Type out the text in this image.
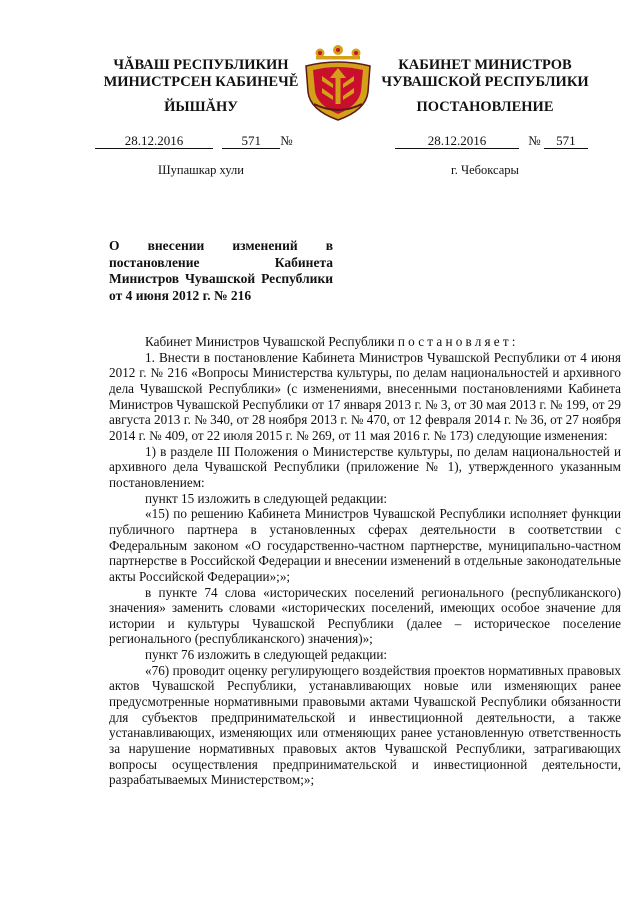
ЧĂВАШ РЕСПУБЛИКИН
МИНИСТРСЕН КАБИНЕЧĚ
ЙЫШĂНУ
КАБИНЕТ МИНИСТРОВ
ЧУВАШСКОЙ РЕСПУБЛИКИ
ПОСТАНОВЛЕНИЕ
28.12.2016	571 №	28.12.2016	№ 571
Шупашкар хули	г. Чебоксары
О внесении изменений в постановление Кабинета Министров Чувашской Республики от 4 июня 2012 г. № 216

Кабинет Министров Чувашской Республики постановляет:

1. Внести в постановление Кабинета Министров Чувашской Республики от 4 июня 2012 г. № 216 «Вопросы Министерства культуры, по делам национальностей и архивного дела Чувашской Республики» (с изменениями, внесенными постановлениями Кабинета Министров Чувашской Республики от 17 января 2013 г. № 3, от 30 мая 2013 г. № 199, от 29 августа 2013 г. № 340, от 28 ноября 2013 г. № 470, от 12 февраля 2014 г. № 36, от 27 ноября 2014 г. № 409, от 22 июля 2015 г. № 269, от 11 мая 2016 г. № 173) следующие изменения:

1) в разделе III Положения о Министерстве культуры, по делам национальностей и архивного дела Чувашской Республики (приложение № 1), утвержденного указанным постановлением:

пункт 15 изложить в следующей редакции:

«15) по решению Кабинета Министров Чувашской Республики исполняет функции публичного партнера в установленных сферах деятельности в соответствии с Федеральным законом «О государственно-частном партнерстве, муниципально-частном партнерстве в Российской Федерации и внесении изменений в отдельные законодательные акты Российской Федерации»;»;

в пункте 74 слова «исторических поселений регионального (республиканского) значения» заменить словами «исторических поселений, имеющих особое значение для истории и культуры Чувашской Республики (далее – историческое поселение регионального (республиканского) значения)»;

пункт 76 изложить в следующей редакции:

«76) проводит оценку регулирующего воздействия проектов нормативных правовых актов Чувашской Республики, устанавливающих новые или изменяющих ранее предусмотренные нормативными правовыми актами Чувашской Республики обязанности для субъектов предпринимательской и инвестиционной деятельности, а также устанавливающих, изменяющих или отменяющих ранее установленную ответственность за нарушение нормативных правовых актов Чувашской Республики, затрагивающих вопросы осуществления предпринимательской и инвестиционной деятельности, разрабатываемых Министерством;»;
